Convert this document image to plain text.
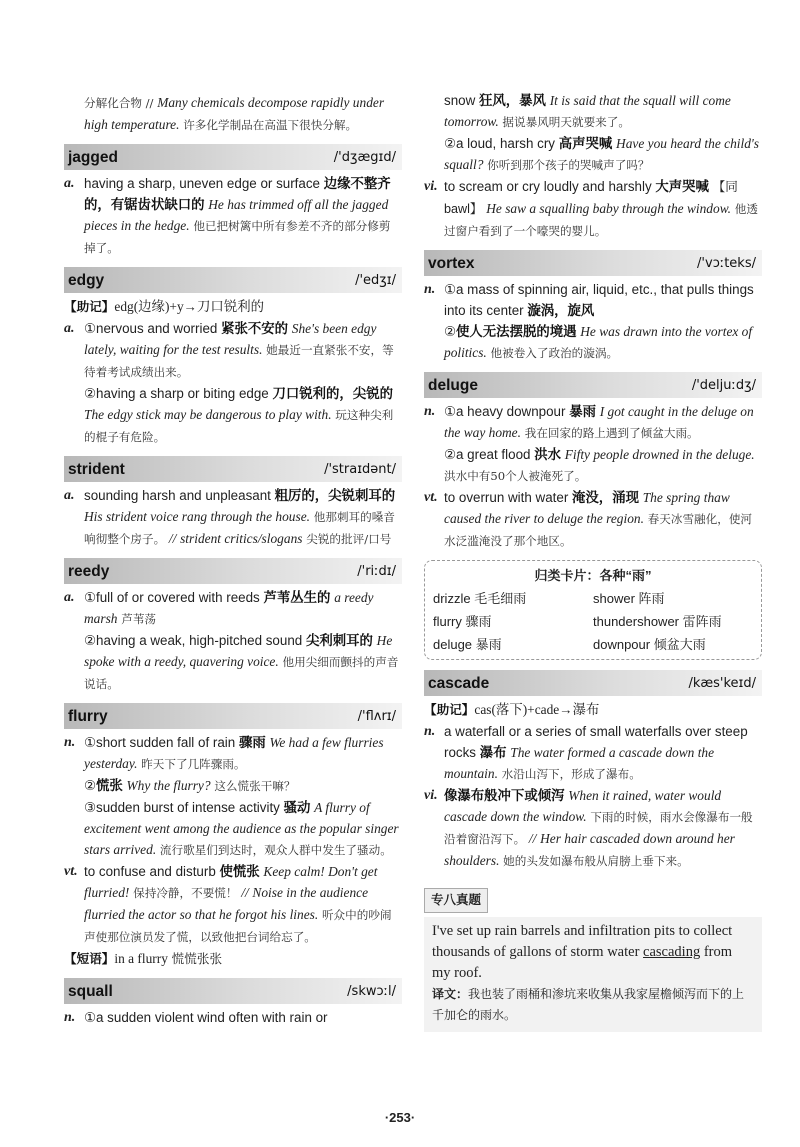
分解化合物 // Many chemicals decompose rapidly under high temperature. 许多化学制品在高温下很快分解。
jagged	/'dʒægɪd/
a. having a sharp, uneven edge or surface 边缘不整齐的，有锯齿状缺口的 He has trimmed off all the jagged pieces in the hedge. 他已把树篱中所有参差不齐的部分修剪掉了。
edgy	/'edʒɪ/
【助记】edg(边缘)+y→刀口锐利的
a. ①nervous and worried 紧张不安的 She's been edgy lately, waiting for the test results. 她最近一直紧张不安，等待着考试成绩出来。
②having a sharp or biting edge 刀口锐利的，尖锐的 The edgy stick may be dangerous to play with. 玩这种尖利的棍子有危险。
strident	/'straɪdənt/
a. sounding harsh and unpleasant 粗厉的，尖锐刺耳的 His strident voice rang through the house. 他那刺耳的嗓音响彻整个房子。 // strident critics/slogans 尖锐的批评/口号
reedy	/'riːdɪ/
a. ①full of or covered with reeds 芦苇丛生的 a reedy marsh 芦苇荡
②having a weak, high-pitched sound 尖利刺耳的 He spoke with a reedy, quavering voice. 他用尖细而颤抖的声音说话。
flurry	/'flʌrɪ/
n. ①short sudden fall of rain 骤雨 We had a few flurries yesterday. 昨天下了几阵骤雨。
②慌张 Why the flurry? 这么慌张干嘛？
③sudden burst of intense activity 骚动 A flurry of excitement went among the audience as the popular singer stars arrived. 流行歌星们到达时，观众人群中发生了骚动。
vt. to confuse and disturb 使慌张 Keep calm! Don't get flurried! 保持冷静，不要慌！ // Noise in the audience flurried the actor so that he forgot his lines. 听众中的吵闹声使那位演员发了慌，以致他把台词给忘了。
【短语】in a flurry 慌慌张张
squall	/skwɔːl/
n. ①a sudden violent wind often with rain or
snow 狂风，暴风 It is said that the squall will come tomorrow. 据说暴风明天就要来了。
②a loud, harsh cry 高声哭喊 Have you heard the child's squall? 你听到那个孩子的哭喊声了吗？
vi. to scream or cry loudly and harshly 大声哭喊 【同 bawl】 He saw a squalling baby through the window. 他透过窗户看到了一个嚎哭的婴儿。
vortex	/'vɔːteks/
n. ①a mass of spinning air, liquid, etc., that pulls things into its center 漩涡，旋风
②使人无法摆脱的境遇 He was drawn into the vortex of politics. 他被卷入了政治的漩涡。
deluge	/'deljuːdʒ/
n. ①a heavy downpour 暴雨 I got caught in the deluge on the way home. 我在回家的路上遇到了倾盆大雨。
②a great flood 洪水 Fifty people drowned in the deluge. 洪水中有50个人被淹死了。
vt. to overrun with water 淹没，涌现 The spring thaw caused the river to deluge the region. 春天冰雪融化，使河水泛滥淹没了那个地区。
归类卡片：各种“雨”
drizzle 毛毛细雨	shower 阵雨
flurry 骤雨	thundershower 雷阵雨
deluge 暴雨	downpour 倾盆大雨
cascade	/kæs'keɪd/
【助记】cas(落下)+cade→瀑布
n. a waterfall or a series of small waterfalls over steep rocks 瀑布 The water formed a cascade down the mountain. 水沿山泻下，形成了瀑布。
vi. 像瀑布般冲下或倾泻 When it rained, water would cascade down the window. 下雨的时候，雨水会像瀑布一般沿着窗沿泻下。 // Her hair cascaded down around her shoulders. 她的头发如瀑布般从肩膀上垂下来。
专八真题
I've set up rain barrels and infiltration pits to collect thousands of gallons of storm water cascading from my roof.
译文：我也装了雨桶和渗坑来收集从我家屋檐倾泻而下的上千加仑的雨水。
·253·
